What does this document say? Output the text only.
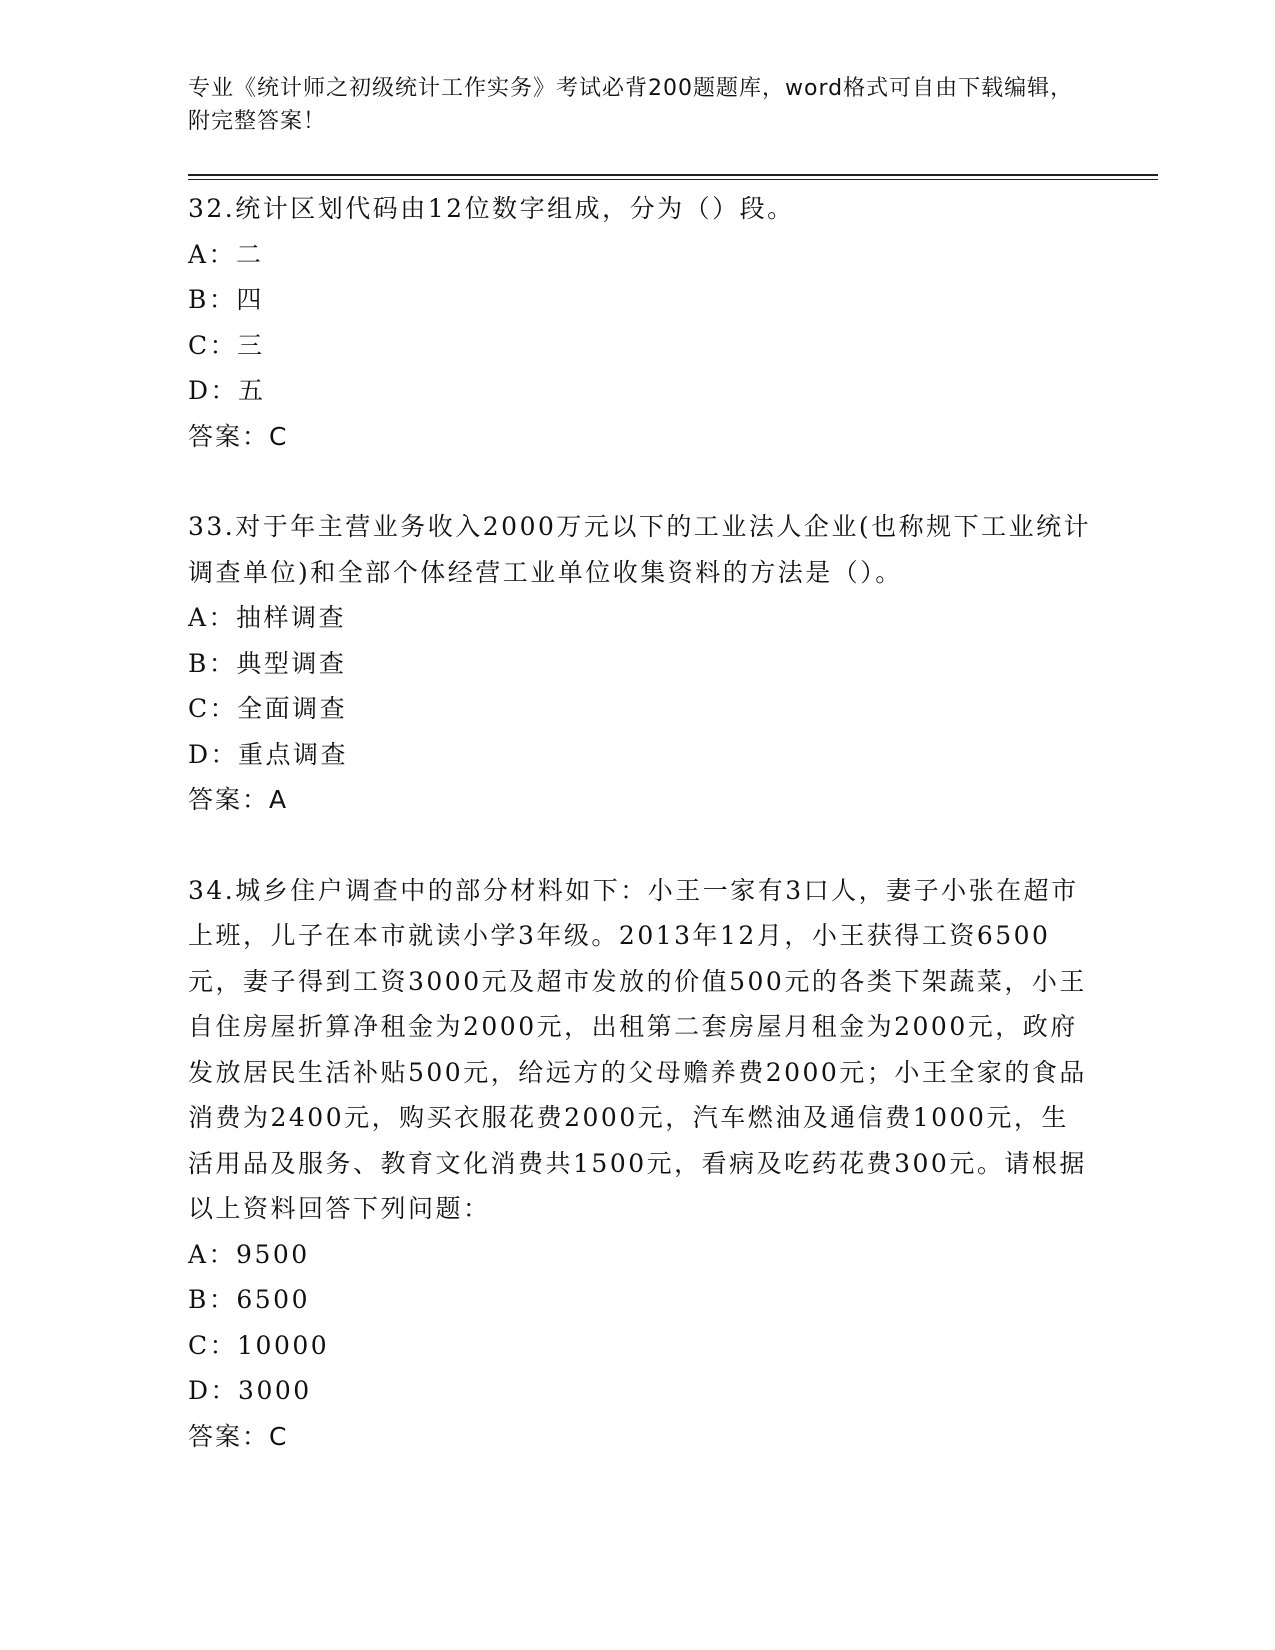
专业《统计师之初级统计工作实务》考试必背200题题库，word格式可自由下载编辑，附完整答案！

32.统计区划代码由12位数字组成，分为（）段。
A：二
B：四
C：三
D：五
答案：C
33.对于年主营业务收入2000万元以下的工业法人企业(也称规下工业统计调查单位)和全部个体经营工业单位收集资料的方法是（）。
A：抽样调查
B：典型调查
C：全面调查
D：重点调查
答案：A
34.城乡住户调查中的部分材料如下：小王一家有3口人，妻子小张在超市上班，儿子在本市就读小学3年级。2013年12月，小王获得工资6500元，妻子得到工资3000元及超市发放的价值500元的各类下架蔬菜，小王自住房屋折算净租金为2000元，出租第二套房屋月租金为2000元，政府发放居民生活补贴500元，给远方的父母赡养费2000元；小王全家的食品消费为2400元，购买衣服花费2000元，汽车燃油及通信费1000元，生活用品及服务、教育文化消费共1500元，看病及吃药花费300元。请根据以上资料回答下列问题：
A：9500
B：6500
C：10000
D：3000
答案：C
